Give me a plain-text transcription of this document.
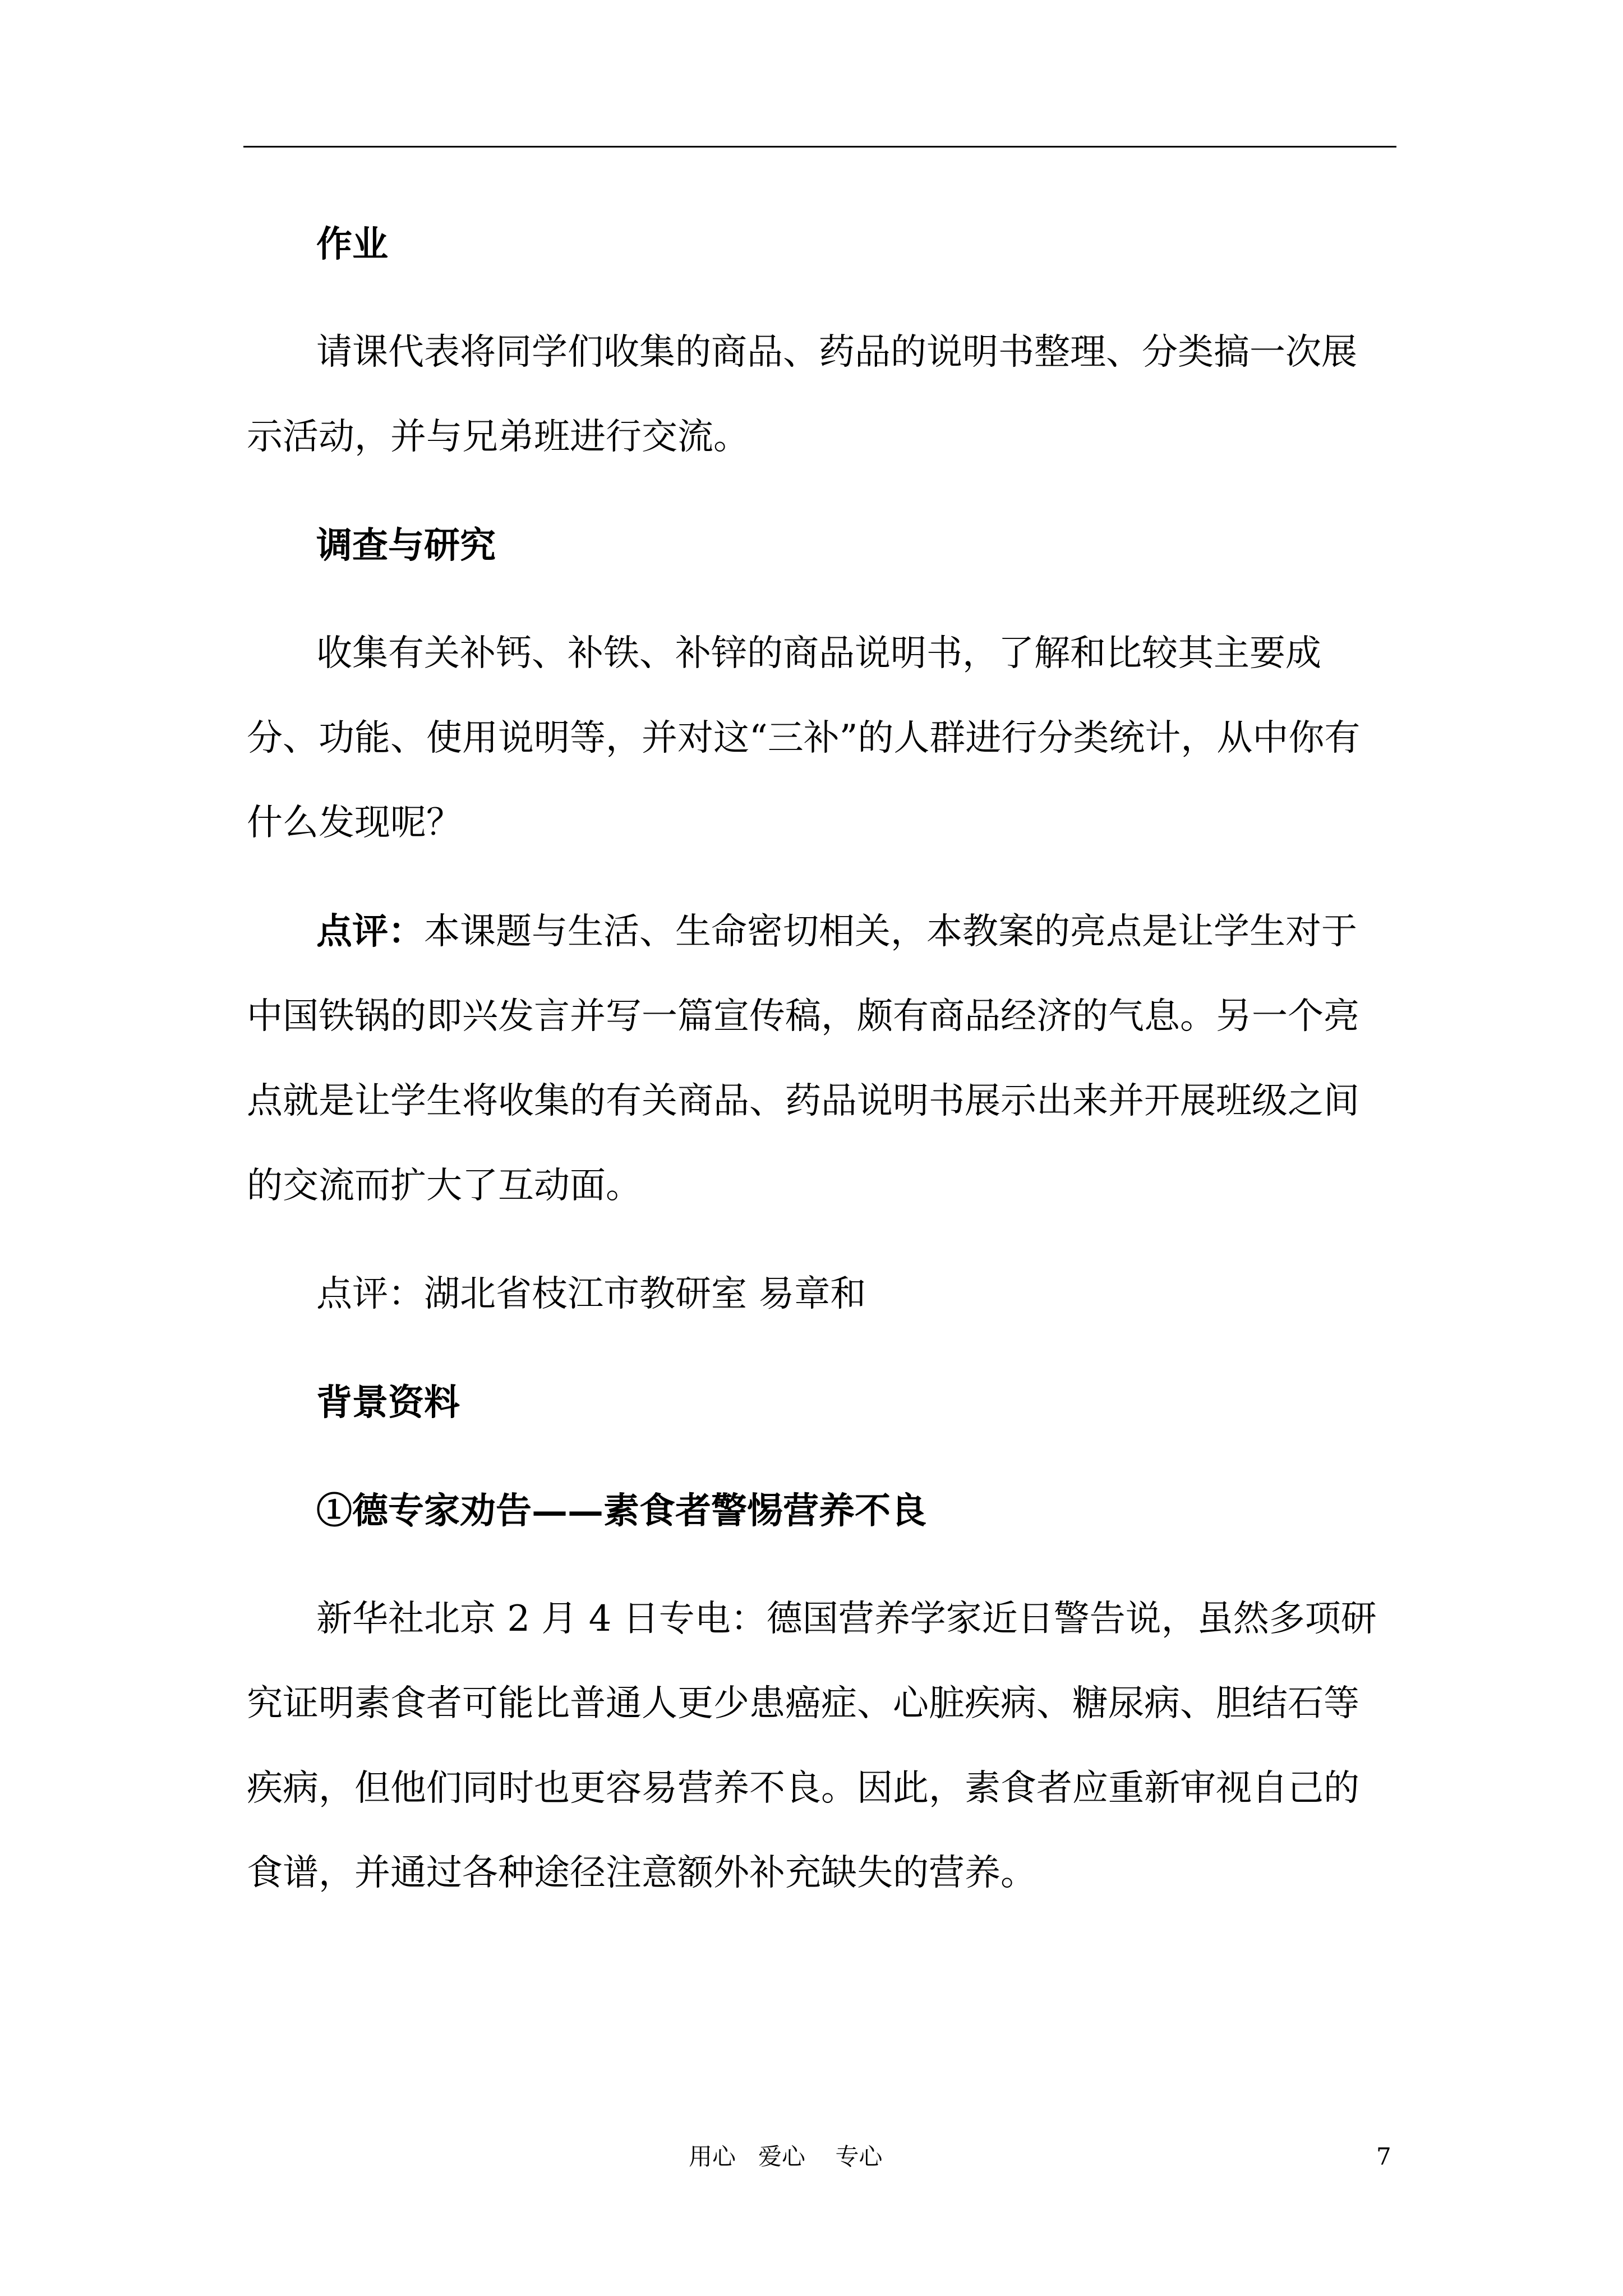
作业

请课代表将同学们收集的商品、药品的说明书整理、分类搞一次展示活动，并与兄弟班进行交流。

调查与研究

收集有关补钙、补铁、补锌的商品说明书，了解和比较其主要成分、功能、使用说明等，并对这“三补”的人群进行分类统计，从中你有什么发现呢？

点评：本课题与生活、生命密切相关，本教案的亮点是让学生对于中国铁锅的即兴发言并写一篇宣传稿，颇有商品经济的气息。另一个亮点就是让学生将收集的有关商品、药品说明书展示出来并开展班级之间的交流而扩大了互动面。

点评：湖北省枝江市教研室 易章和

背景资料

①德专家劝告——素食者警惕营养不良

新华社北京 2 月 4 日专电：德国营养学家近日警告说，虽然多项研究证明素食者可能比普通人更少患癌症、心脏疾病、糖尿病、胆结石等疾病，但他们同时也更容易营养不良。因此，素食者应重新审视自己的食谱，并通过各种途径注意额外补充缺失的营养。

用心   爱心    专心	7
